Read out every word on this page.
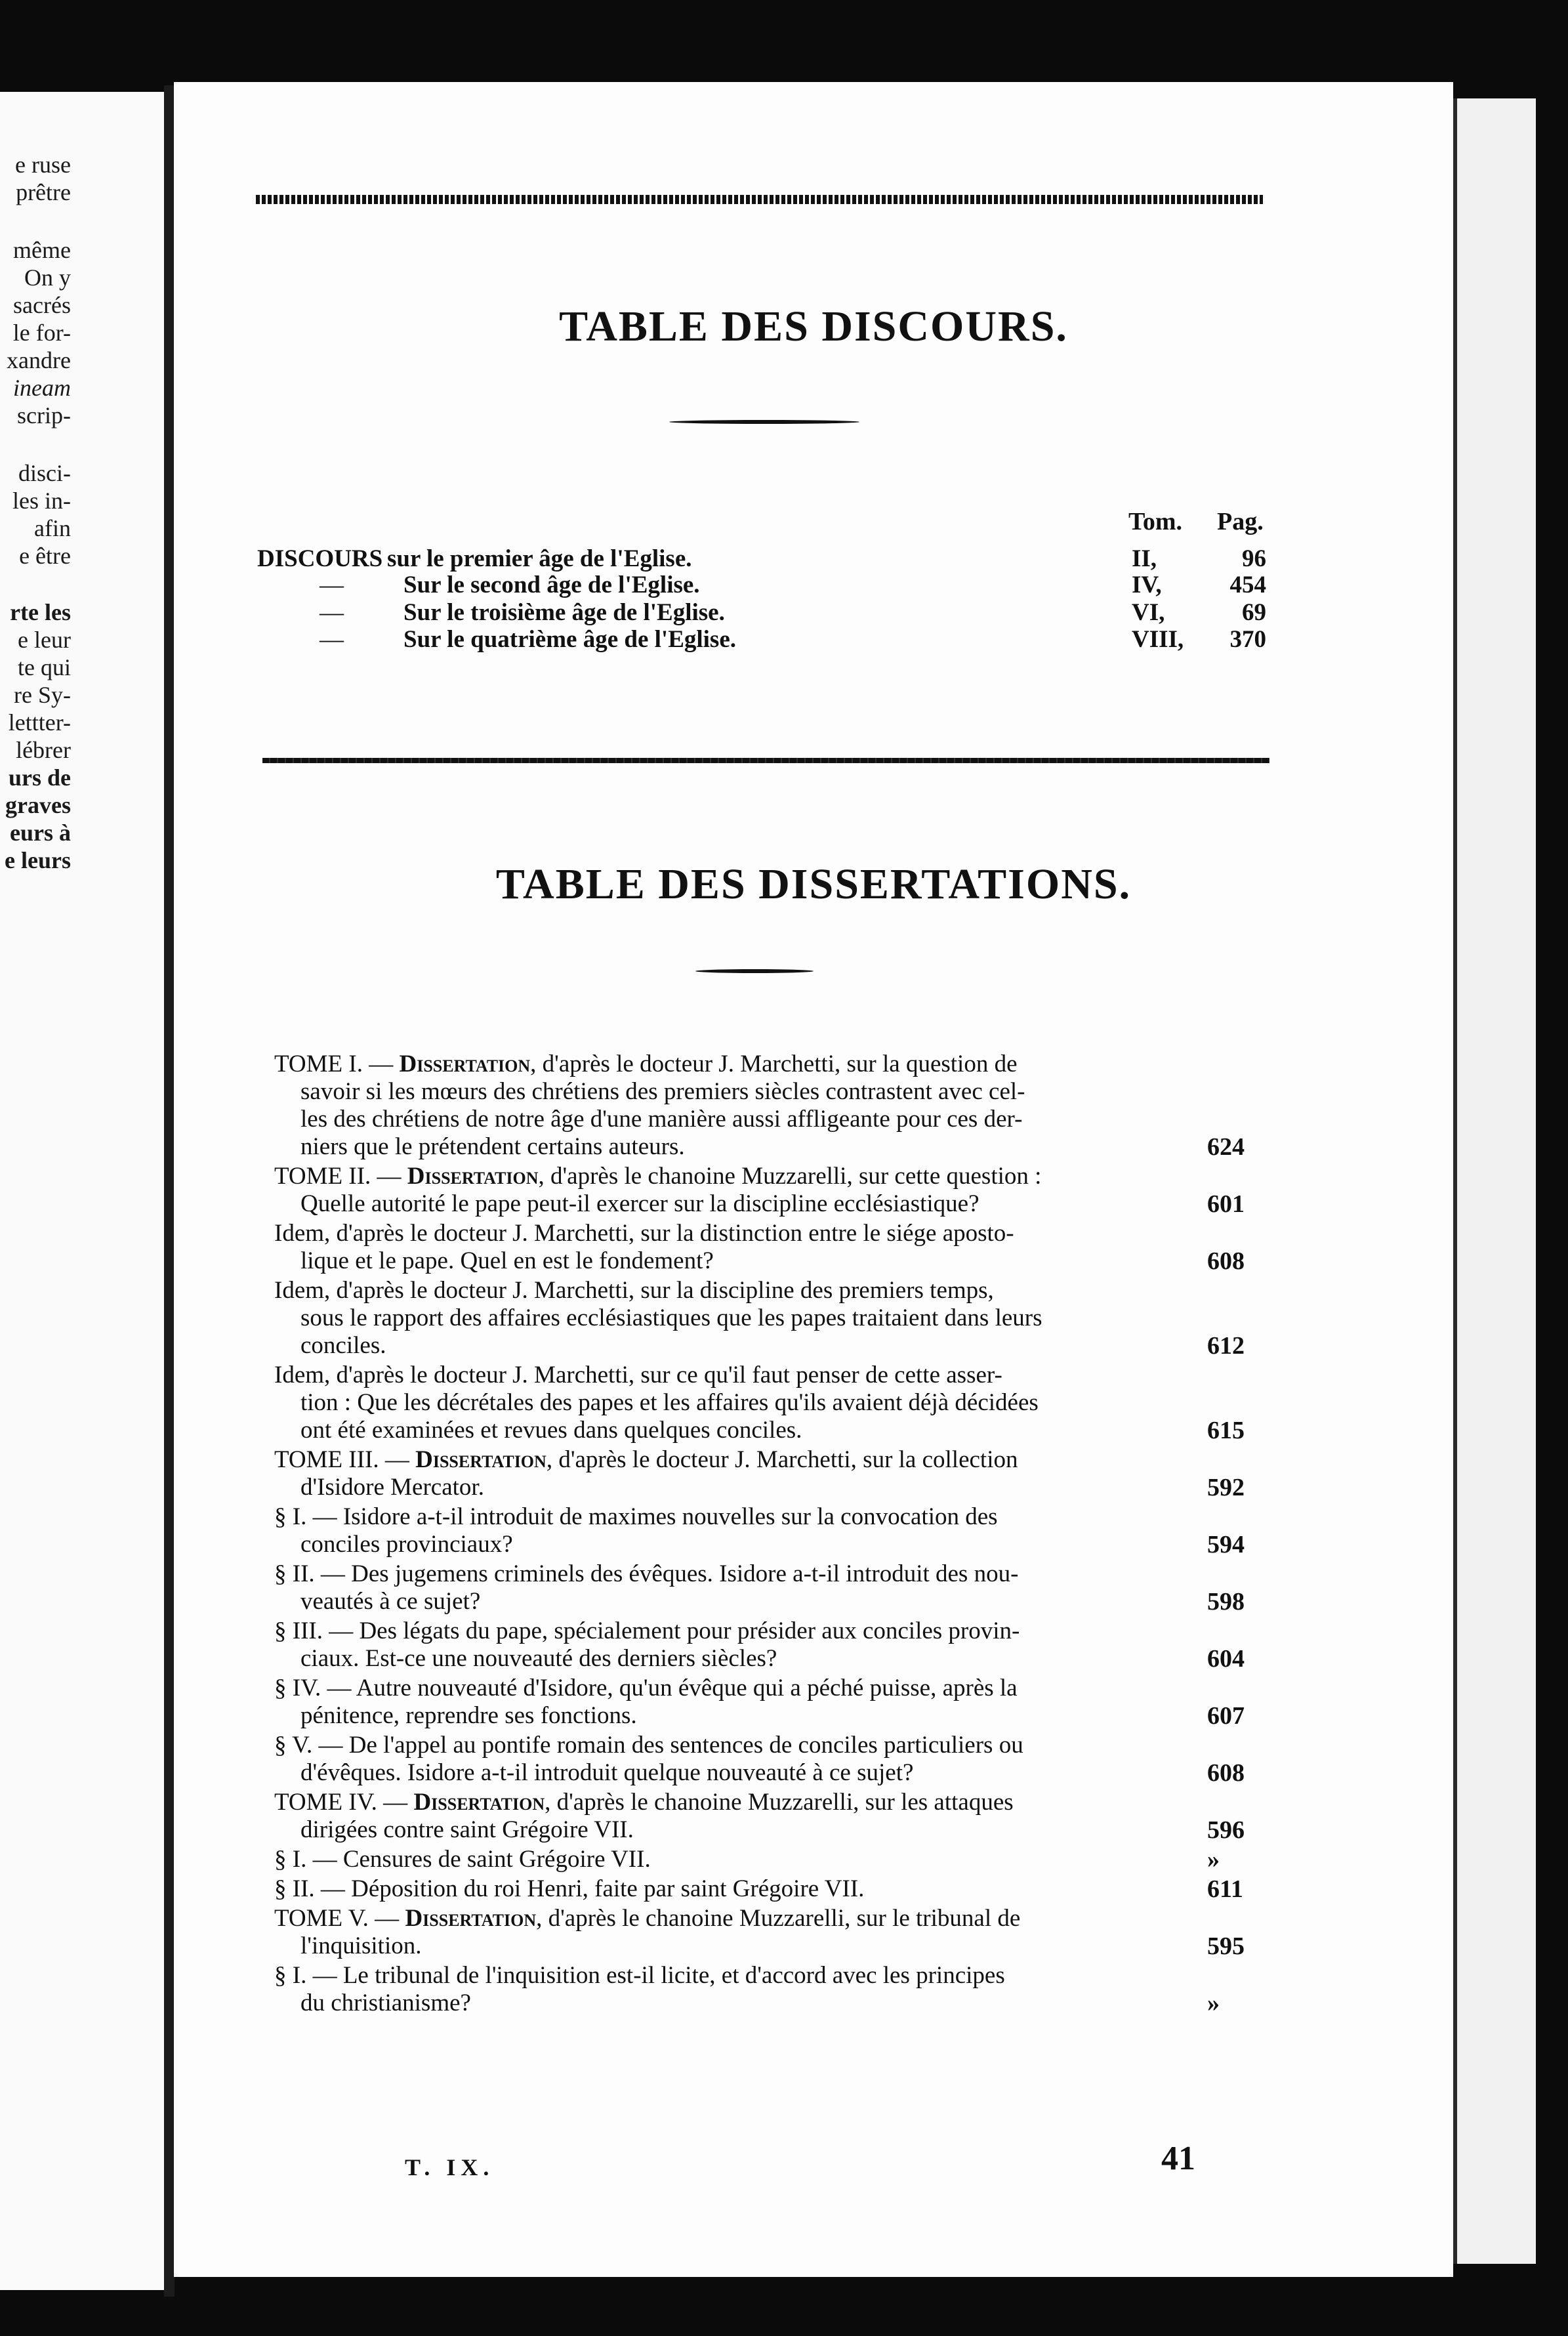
e ruse
prêtre
même
On y
sacrés
le for-
xandre
ineam
scrip-
disci-
les in-
afin
e être
rte les
e leur
te qui
re Sy-
lettter-
lébrer
urs de
graves
eurs à
e leurs
TABLE DES DISCOURS.
Tom. Pag.
DISCOURS sur le premier âge de l'Eglise.	II,	96
— Sur le second âge de l'Eglise.	IV,	454
— Sur le troisième âge de l'Eglise.	VI,	69
— Sur le quatrième âge de l'Eglise.	VIII,	370
TABLE DES DISSERTATIONS.
TOME I. — Dissertation, d'après le docteur J. Marchetti, sur la question de
savoir si les mœurs des chrétiens des premiers siècles contrastent avec cel-
les des chrétiens de notre âge d'une manière aussi affligeante pour ces der-
niers que le prétendent certains auteurs.	624
TOME II. — Dissertation, d'après le chanoine Muzzarelli, sur cette question :
Quelle autorité le pape peut-il exercer sur la discipline ecclésiastique?	601
Idem, d'après le docteur J. Marchetti, sur la distinction entre le siége aposto-
lique et le pape. Quel en est le fondement?	608
Idem, d'après le docteur J. Marchetti, sur la discipline des premiers temps,
sous le rapport des affaires ecclésiastiques que les papes traitaient dans leurs
conciles.	612
Idem, d'après le docteur J. Marchetti, sur ce qu'il faut penser de cette asser-
tion : Que les décrétales des papes et les affaires qu'ils avaient déjà décidées
ont été examinées et revues dans quelques conciles.	615
TOME III. — Dissertation, d'après le docteur J. Marchetti, sur la collection
d'Isidore Mercator.	592
§ I. — Isidore a-t-il introduit de maximes nouvelles sur la convocation des
conciles provinciaux?	594
§ II. — Des jugemens criminels des évêques. Isidore a-t-il introduit des nou-
veautés à ce sujet?	598
§ III. — Des légats du pape, spécialement pour présider aux conciles provin-
ciaux. Est-ce une nouveauté des derniers siècles?	604
§ IV. — Autre nouveauté d'Isidore, qu'un évêque qui a péché puisse, après la
pénitence, reprendre ses fonctions.	607
§ V. — De l'appel au pontife romain des sentences de conciles particuliers ou
d'évêques. Isidore a-t-il introduit quelque nouveauté à ce sujet?	608
TOME IV. — Dissertation, d'après le chanoine Muzzarelli, sur les attaques
dirigées contre saint Grégoire VII.	596
§ I. — Censures de saint Grégoire VII.	»
§ II. — Déposition du roi Henri, faite par saint Grégoire VII.	611
TOME V. — Dissertation, d'après le chanoine Muzzarelli, sur le tribunal de
l'inquisition.	595
§ I. — Le tribunal de l'inquisition est-il licite, et d'accord avec les principes
du christianisme?	»
T. IX.	41
